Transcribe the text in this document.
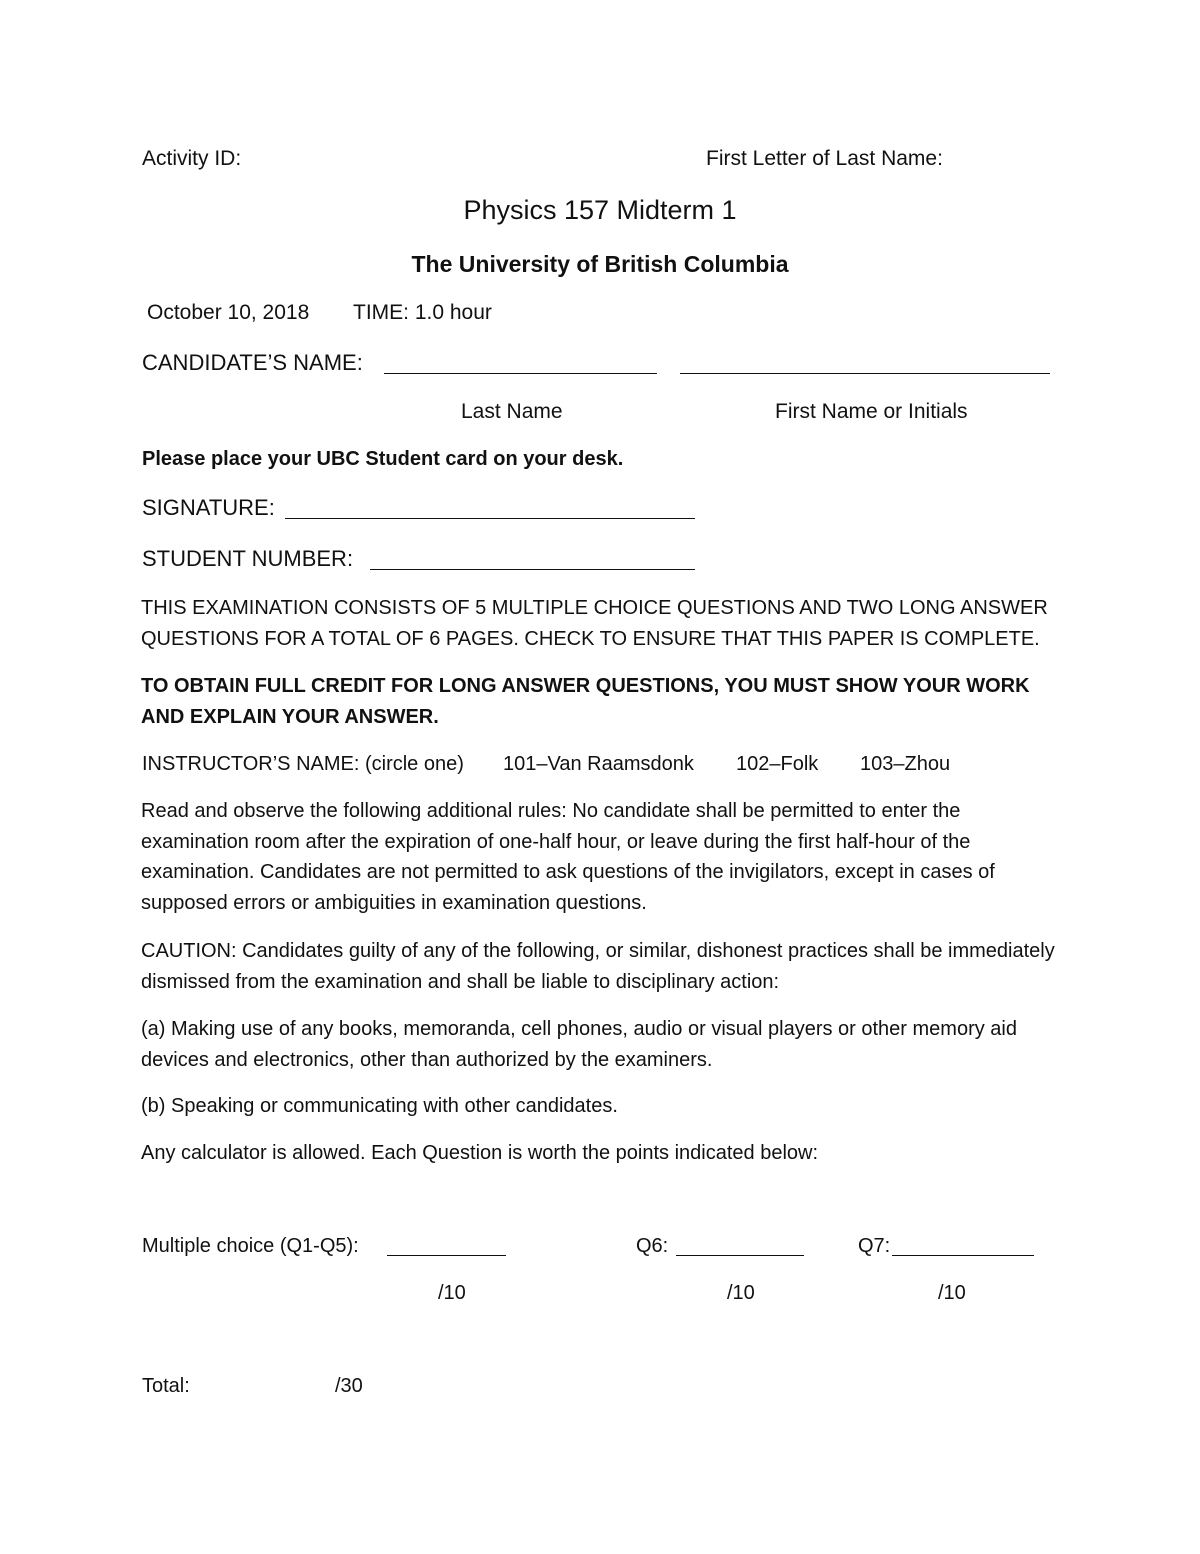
Activity ID:	First Letter of Last Name:
Physics 157 Midterm 1
The University of British Columbia
October 10, 2018 TIME: 1.0 hour
CANDIDATE’S NAME:
Last Name	First Name or Initials
Please place your UBC Student card on your desk.
SIGNATURE:
STUDENT NUMBER:
THIS EXAMINATION CONSISTS OF 5 MULTIPLE CHOICE QUESTIONS AND TWO LONG ANSWER QUESTIONS FOR A TOTAL OF 6 PAGES. CHECK TO ENSURE THAT THIS PAPER IS COMPLETE.
TO OBTAIN FULL CREDIT FOR LONG ANSWER QUESTIONS, YOU MUST SHOW YOUR WORK AND EXPLAIN YOUR ANSWER.
INSTRUCTOR’S NAME: (circle one) 101–Van Raamsdonk 102–Folk 103–Zhou
Read and observe the following additional rules: No candidate shall be permitted to enter the examination room after the expiration of one-half hour, or leave during the first half-hour of the examination. Candidates are not permitted to ask questions of the invigilators, except in cases of supposed errors or ambiguities in examination questions.
CAUTION: Candidates guilty of any of the following, or similar, dishonest practices shall be immediately dismissed from the examination and shall be liable to disciplinary action:
(a) Making use of any books, memoranda, cell phones, audio or visual players or other memory aid devices and electronics, other than authorized by the examiners.
(b) Speaking or communicating with other candidates.
Any calculator is allowed. Each Question is worth the points indicated below:
Multiple choice (Q1-Q5):	Q6:	Q7:
/10	/10	/10
Total:	/30
